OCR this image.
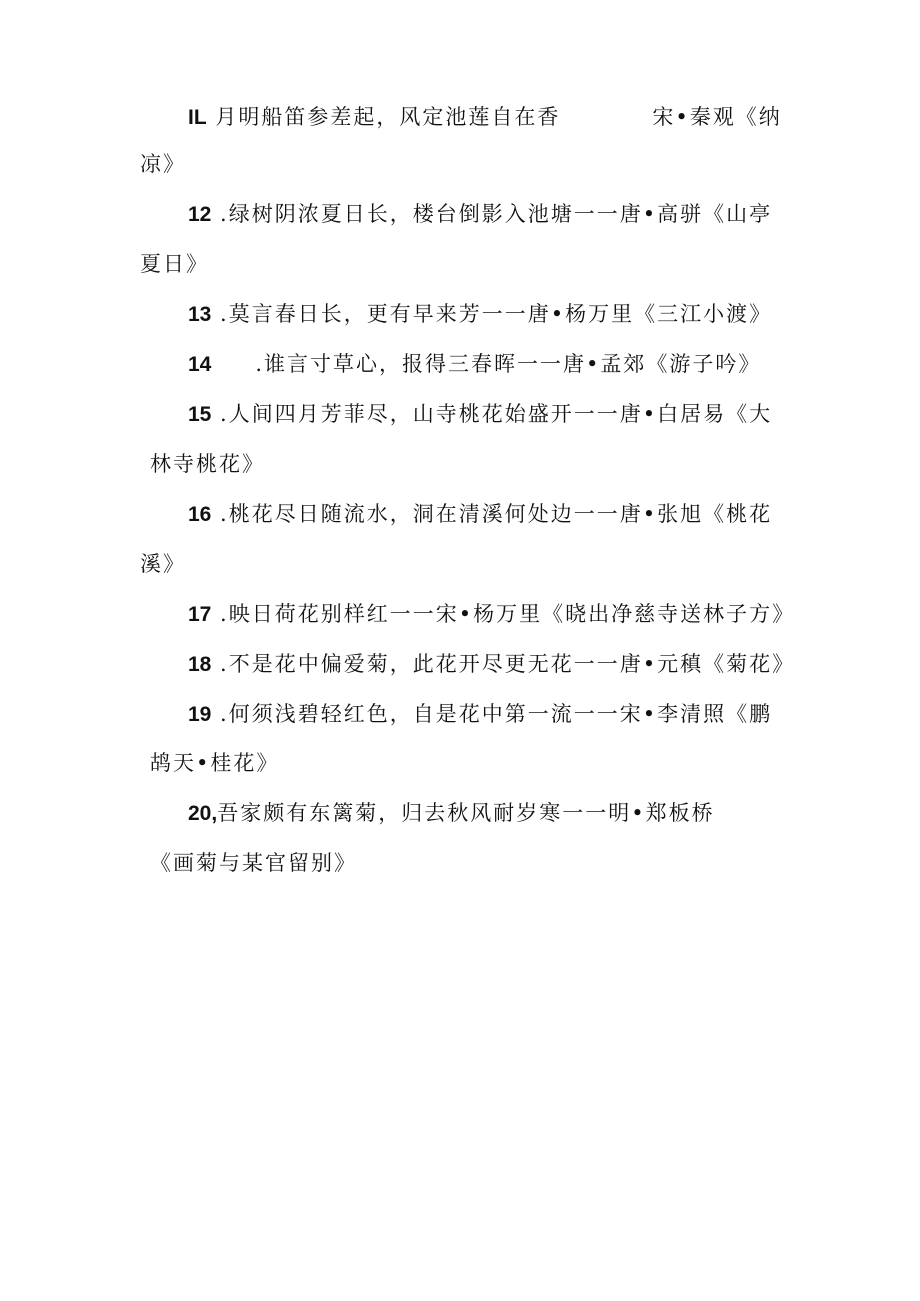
IL 月明船笛参差起，风定池莲自在香	宋•秦观《纳
凉》
12 .绿树阴浓夏日长，楼台倒影入池塘一一唐•高骈《山亭
夏日》
13 .莫言春日长，更有早来芳一一唐•杨万里《三江小渡》
14 .谁言寸草心，报得三春晖一一唐•孟郊《游子吟》
15 .人间四月芳菲尽，山寺桃花始盛开一一唐•白居易《大
林寺桃花》
16 .桃花尽日随流水，洞在清溪何处边一一唐•张旭《桃花
溪》
17 .映日荷花别样红一一宋•杨万里《晓出净慈寺送林子方》
18 .不是花中偏爱菊，此花开尽更无花一一唐•元稹《菊花》
19 .何须浅碧轻红色，自是花中第一流一一宋•李清照《鹏
鸪天•桂花》
20,吾家颇有东篱菊，归去秋风耐岁寒一一明•郑板桥
《画菊与某官留别》
